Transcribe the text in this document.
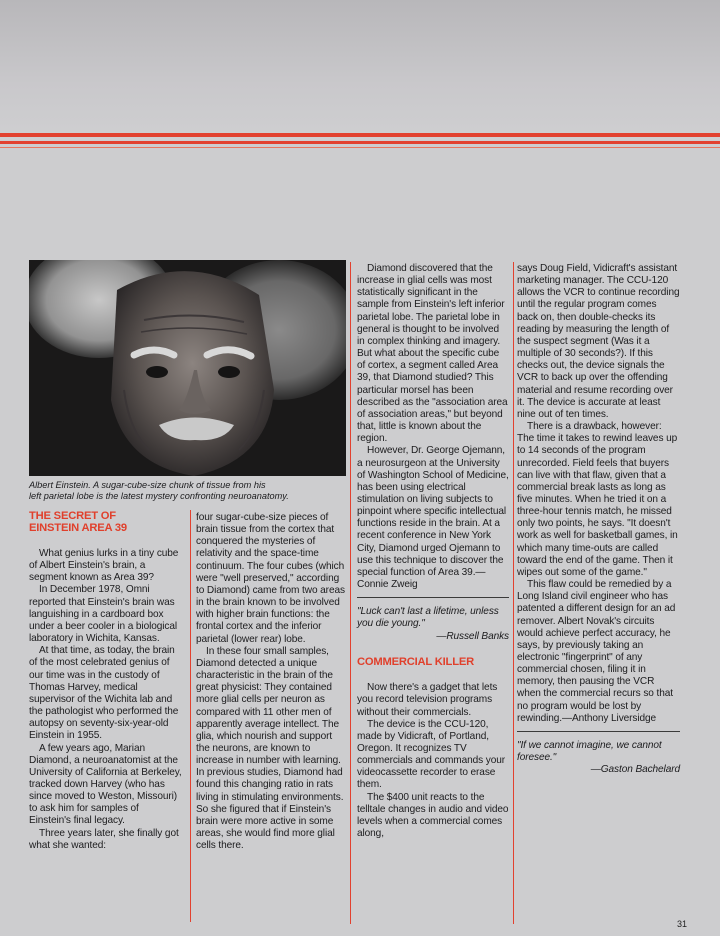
Albert Einstein. A sugar-cube-size chunk of tissue from his
left parietal lobe is the latest mystery confronting neuroanatomy.
THE SECRET OF
EINSTEIN AREA 39

What genius lurks in a tiny cube of Albert Einstein's brain, a segment known as Area 39?

In December 1978, Omni reported that Einstein's brain was languishing in a cardboard box under a beer cooler in a biological laboratory in Wichita, Kansas.

At that time, as today, the brain of the most celebrated genius of our time was in the custody of Thomas Harvey, medical supervisor of the Wichita lab and the pathologist who performed the autopsy on seventy-six-year-old Einstein in 1955.

A few years ago, Marian Diamond, a neuroanatomist at the University of California at Berkeley, tracked down Harvey (who has since moved to Weston, Missouri) to ask him for samples of Einstein's final legacy.

Three years later, she finally got what she wanted:

four sugar-cube-size pieces of brain tissue from the cortex that conquered the mysteries of relativity and the space-time continuum. The four cubes (which were "well preserved," according to Diamond) came from two areas in the brain known to be involved with higher brain functions: the frontal cortex and the inferior parietal (lower rear) lobe.

In these four small samples, Diamond detected a unique characteristic in the brain of the great physicist: They contained more glial cells per neuron as compared with 11 other men of apparently average intellect. The glia, which nourish and support the neurons, are known to increase in number with learning. In previous studies, Diamond had found this changing ratio in rats living in stimulating environments. So she figured that if Einstein's brain were more active in some areas, she would find more glial cells there.

Diamond discovered that the increase in glial cells was most statistically significant in the sample from Einstein's left inferior parietal lobe. The parietal lobe in general is thought to be involved in complex thinking and imagery. But what about the specific cube of cortex, a segment called Area 39, that Diamond studied? This particular morsel has been described as the "association area of association areas," but beyond that, little is known about the region.

However, Dr. George Ojemann, a neurosurgeon at the University of Washington School of Medicine, has been using electrical stimulation on living subjects to pinpoint where specific intellectual functions reside in the brain. At a recent conference in New York City, Diamond urged Ojemann to use this technique to discover the special function of Area 39.—Connie Zweig

"Luck can't last a lifetime, unless you die young."

—Russell Banks

COMMERCIAL KILLER

Now there's a gadget that lets you record television programs without their commercials.

The device is the CCU-120, made by Vidicraft, of Portland, Oregon. It recognizes TV commercials and commands your videocassette recorder to erase them.

The $400 unit reacts to the telltale changes in audio and video levels when a commercial comes along,

says Doug Field, Vidicraft's assistant marketing manager. The CCU-120 allows the VCR to continue recording until the regular program comes back on, then double-checks its reading by measuring the length of the suspect segment (Was it a multiple of 30 seconds?). If this checks out, the device signals the VCR to back up over the offending material and resume recording over it. The device is accurate at least nine out of ten times.

There is a drawback, however: The time it takes to rewind leaves up to 14 seconds of the program unrecorded. Field feels that buyers can live with that flaw, given that a commercial break lasts as long as five minutes. When he tried it on a three-hour tennis match, he missed only two points, he says. "It doesn't work as well for basketball games, in which many time-outs are called toward the end of the game. Then it wipes out some of the game."

This flaw could be remedied by a Long Island civil engineer who has patented a different design for an ad remover. Albert Novak's circuits would achieve perfect accuracy, he says, by previously taking an electronic "fingerprint" of any commercial chosen, filing it in memory, then pausing the VCR when the commercial recurs so that no program would be lost by rewinding.—Anthony Liversidge

"If we cannot imagine, we cannot foresee."

—Gaston Bachelard

31
